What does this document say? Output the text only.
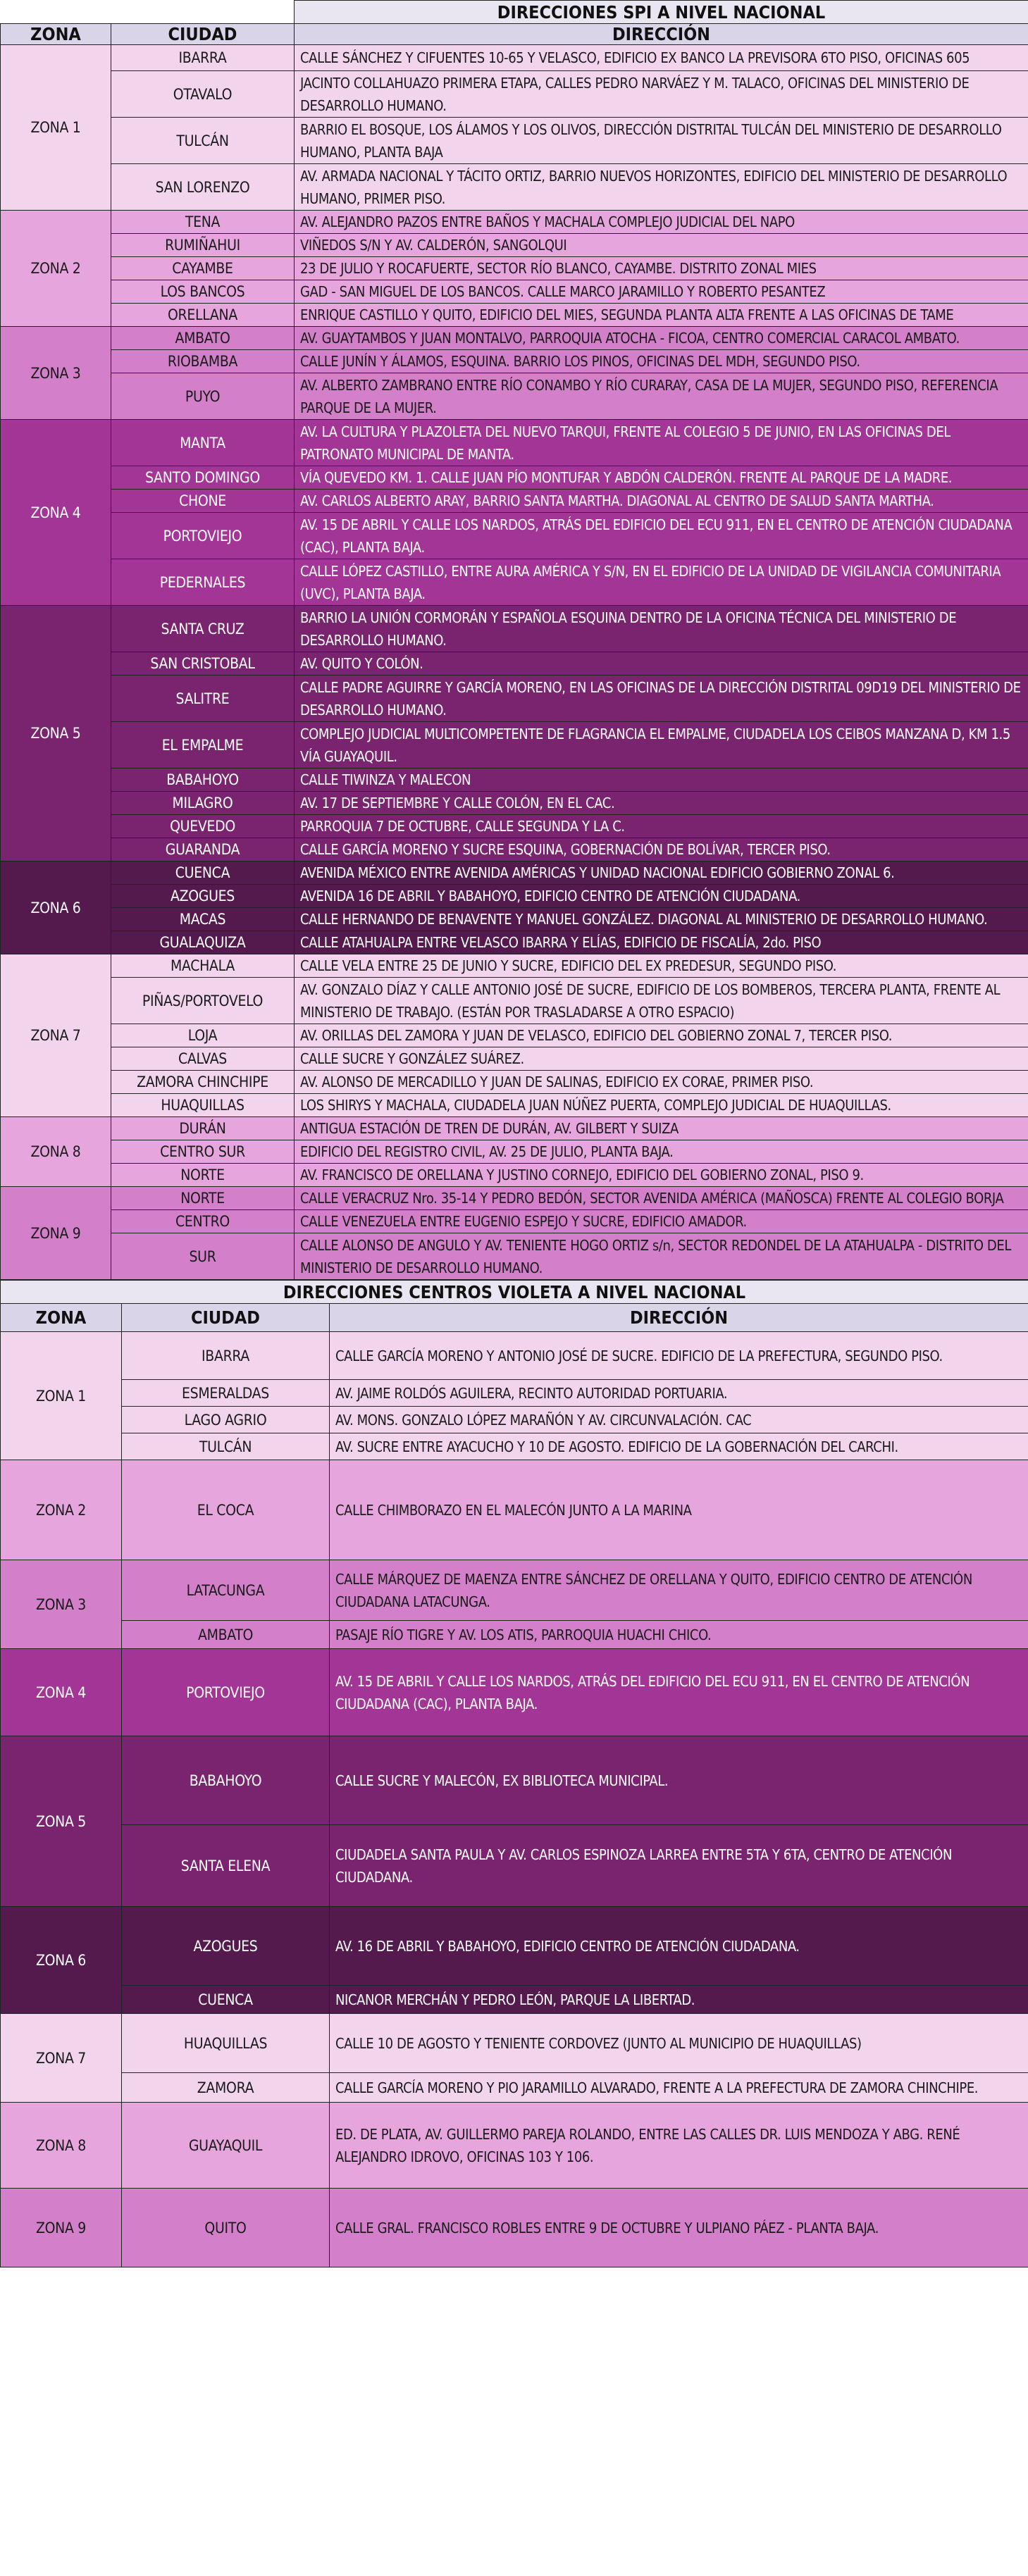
		DIRECCIONES SPI A NIVEL NACIONAL
ZONA	CIUDAD	DIRECCIÓN
ZONA 1	IBARRA	CALLE SÁNCHEZ Y CIFUENTES 10-65 Y VELASCO, EDIFICIO EX BANCO LA PREVISORA 6TO PISO, OFICINAS 605
	OTAVALO	JACINTO COLLAHUAZO PRIMERA ETAPA, CALLES PEDRO NARVÁEZ Y M. TALACO, OFICINAS DEL MINISTERIO DE DESARROLLO HUMANO.
	TULCÁN	BARRIO EL BOSQUE, LOS ÁLAMOS Y LOS OLIVOS, DIRECCIÓN DISTRITAL TULCÁN DEL MINISTERIO DE DESARROLLO HUMANO, PLANTA BAJA
	SAN LORENZO	AV. ARMADA NACIONAL Y TÁCITO ORTIZ, BARRIO NUEVOS HORIZONTES, EDIFICIO DEL MINISTERIO DE DESARROLLO HUMANO, PRIMER PISO.
ZONA 2	TENA	AV. ALEJANDRO PAZOS ENTRE BAÑOS Y MACHALA COMPLEJO JUDICIAL DEL NAPO
	RUMIÑAHUI	VIÑEDOS S/N Y AV. CALDERÓN, SANGOLQUI
	CAYAMBE	23 DE JULIO Y ROCAFUERTE, SECTOR RÍO BLANCO, CAYAMBE. DISTRITO ZONAL MIES
	LOS BANCOS	GAD - SAN MIGUEL DE LOS BANCOS. CALLE MARCO JARAMILLO Y ROBERTO PESANTEZ
	ORELLANA	ENRIQUE CASTILLO Y QUITO, EDIFICIO DEL MIES, SEGUNDA PLANTA ALTA FRENTE A LAS OFICINAS DE TAME
ZONA 3	AMBATO	AV. GUAYTAMBOS Y JUAN MONTALVO, PARROQUIA ATOCHA - FICOA, CENTRO COMERCIAL CARACOL AMBATO.
	RIOBAMBA	CALLE JUNÍN Y ÁLAMOS, ESQUINA. BARRIO LOS PINOS, OFICINAS DEL MDH, SEGUNDO PISO.
	PUYO	AV. ALBERTO ZAMBRANO ENTRE RÍO CONAMBO Y RÍO CURARAY, CASA DE LA MUJER, SEGUNDO PISO, REFERENCIA PARQUE DE LA MUJER.
ZONA 4	MANTA	AV. LA CULTURA Y PLAZOLETA DEL NUEVO TARQUI, FRENTE AL COLEGIO 5 DE JUNIO, EN LAS OFICINAS DEL PATRONATO MUNICIPAL DE MANTA.
	SANTO DOMINGO	VÍA QUEVEDO KM. 1. CALLE JUAN PÍO MONTUFAR Y ABDÓN CALDERÓN. FRENTE AL PARQUE DE LA MADRE.
	CHONE	AV. CARLOS ALBERTO ARAY, BARRIO SANTA MARTHA. DIAGONAL AL CENTRO DE SALUD SANTA MARTHA.
	PORTOVIEJO	AV. 15 DE ABRIL Y CALLE LOS NARDOS, ATRÁS DEL EDIFICIO DEL ECU 911, EN EL CENTRO DE ATENCIÓN CIUDADANA (CAC), PLANTA BAJA.
	PEDERNALES	CALLE LÓPEZ CASTILLO, ENTRE AURA AMÉRICA Y S/N, EN EL EDIFICIO DE LA UNIDAD DE VIGILANCIA COMUNITARIA (UVC), PLANTA BAJA.
ZONA 5	SANTA CRUZ	BARRIO LA UNIÓN CORMORÁN Y ESPAÑOLA ESQUINA DENTRO DE LA OFICINA TÉCNICA DEL MINISTERIO DE DESARROLLO HUMANO.
	SAN CRISTOBAL	AV. QUITO Y COLÓN.
	SALITRE	CALLE PADRE AGUIRRE Y GARCÍA MORENO, EN LAS OFICINAS DE LA DIRECCIÓN DISTRITAL 09D19 DEL MINISTERIO DE DESARROLLO HUMANO.
	EL EMPALME	COMPLEJO JUDICIAL MULTICOMPETENTE DE FLAGRANCIA EL EMPALME, CIUDADELA LOS CEIBOS MANZANA D, KM 1.5 VÍA GUAYAQUIL.
	BABAHOYO	CALLE TIWINZA Y MALECON
	MILAGRO	AV. 17 DE SEPTIEMBRE Y CALLE COLÓN, EN EL CAC.
	QUEVEDO	PARROQUIA 7 DE OCTUBRE, CALLE SEGUNDA Y LA C.
	GUARANDA	CALLE GARCÍA MORENO Y SUCRE ESQUINA, GOBERNACIÓN DE BOLÍVAR, TERCER PISO.
ZONA 6	CUENCA	AVENIDA MÉXICO ENTRE AVENIDA AMÉRICAS Y UNIDAD NACIONAL EDIFICIO GOBIERNO ZONAL 6.
	AZOGUES	AVENIDA 16 DE ABRIL Y BABAHOYO, EDIFICIO CENTRO DE ATENCIÓN CIUDADANA.
	MACAS	CALLE HERNANDO DE BENAVENTE Y MANUEL GONZÁLEZ. DIAGONAL AL MINISTERIO DE DESARROLLO HUMANO.
	GUALAQUIZA	CALLE ATAHUALPA ENTRE VELASCO IBARRA Y ELÍAS, EDIFICIO DE FISCALÍA, 2do. PISO
ZONA 7	MACHALA	CALLE VELA ENTRE 25 DE JUNIO Y SUCRE, EDIFICIO DEL EX PREDESUR, SEGUNDO PISO.
	PIÑAS/PORTOVELO	AV. GONZALO DÍAZ Y CALLE ANTONIO JOSÉ DE SUCRE, EDIFICIO DE LOS BOMBEROS, TERCERA PLANTA, FRENTE AL MINISTERIO DE TRABAJO. (ESTÁN POR TRASLADARSE A OTRO ESPACIO)
	LOJA	AV. ORILLAS DEL ZAMORA Y JUAN DE VELASCO, EDIFICIO DEL GOBIERNO ZONAL 7, TERCER PISO.
	CALVAS	CALLE SUCRE Y GONZÁLEZ SUÁREZ.
	ZAMORA CHINCHIPE	AV. ALONSO DE MERCADILLO Y JUAN DE SALINAS, EDIFICIO EX CORAE, PRIMER PISO.
	HUAQUILLAS	LOS SHIRYS Y MACHALA, CIUDADELA JUAN NÚÑEZ PUERTA, COMPLEJO JUDICIAL DE HUAQUILLAS.
ZONA 8	DURÁN	ANTIGUA ESTACIÓN DE TREN DE DURÁN, AV. GILBERT Y SUIZA
	CENTRO SUR	EDIFICIO DEL REGISTRO CIVIL, AV. 25 DE JULIO, PLANTA BAJA.
	NORTE	AV. FRANCISCO DE ORELLANA Y JUSTINO CORNEJO, EDIFICIO DEL GOBIERNO ZONAL, PISO 9.
ZONA 9	NORTE	CALLE VERACRUZ Nro. 35-14 Y PEDRO BEDÓN, SECTOR AVENIDA AMÉRICA (MAÑOSCA) FRENTE AL COLEGIO BORJA
	CENTRO	CALLE VENEZUELA ENTRE EUGENIO ESPEJO Y SUCRE, EDIFICIO AMADOR.
	SUR	CALLE ALONSO DE ANGULO Y AV. TENIENTE HOGO ORTIZ s/n, SECTOR REDONDEL DE LA ATAHUALPA - DISTRITO DEL MINISTERIO DE DESARROLLO HUMANO.
DIRECCIONES CENTROS VIOLETA A NIVEL NACIONAL		
ZONA	CIUDAD	DIRECCIÓN
ZONA 1	IBARRA	CALLE GARCÍA MORENO Y ANTONIO JOSÉ DE SUCRE. EDIFICIO DE LA PREFECTURA, SEGUNDO PISO.
	ESMERALDAS	AV. JAIME ROLDÓS AGUILERA, RECINTO AUTORIDAD PORTUARIA.
	LAGO AGRIO	AV. MONS. GONZALO LÓPEZ MARAÑÓN Y AV. CIRCUNVALACIÓN. CAC
	TULCÁN	AV. SUCRE ENTRE AYACUCHO Y 10 DE AGOSTO. EDIFICIO DE LA GOBERNACIÓN DEL CARCHI.
ZONA 2	EL COCA	CALLE CHIMBORAZO EN EL MALECÓN JUNTO A LA MARINA
ZONA 3	LATACUNGA	CALLE MÁRQUEZ DE MAENZA ENTRE SÁNCHEZ DE ORELLANA Y QUITO, EDIFICIO CENTRO DE ATENCIÓN CIUDADANA LATACUNGA.
	AMBATO	PASAJE RÍO TIGRE Y AV. LOS ATIS, PARROQUIA HUACHI CHICO.
ZONA 4	PORTOVIEJO	AV. 15 DE ABRIL Y CALLE LOS NARDOS, ATRÁS DEL EDIFICIO DEL ECU 911, EN EL CENTRO DE ATENCIÓN CIUDADANA (CAC), PLANTA BAJA.
ZONA 5	BABAHOYO	CALLE SUCRE Y MALECÓN, EX BIBLIOTECA MUNICIPAL.
	SANTA ELENA	CIUDADELA SANTA PAULA Y AV. CARLOS ESPINOZA LARREA ENTRE 5TA Y 6TA, CENTRO DE ATENCIÓN CIUDADANA.
ZONA 6	AZOGUES	AV. 16 DE ABRIL Y BABAHOYO, EDIFICIO CENTRO DE ATENCIÓN CIUDADANA.
	CUENCA	NICANOR MERCHÁN Y PEDRO LEÓN, PARQUE LA LIBERTAD.
ZONA 7	HUAQUILLAS	CALLE 10 DE AGOSTO Y TENIENTE CORDOVEZ (JUNTO AL MUNICIPIO DE HUAQUILLAS)
	ZAMORA	CALLE GARCÍA MORENO Y PIO JARAMILLO ALVARADO, FRENTE A LA PREFECTURA DE ZAMORA CHINCHIPE.
ZONA 8	GUAYAQUIL	ED. DE PLATA, AV. GUILLERMO PAREJA ROLANDO, ENTRE LAS CALLES DR. LUIS MENDOZA Y ABG. RENÉ ALEJANDRO IDROVO, OFICINAS 103 Y 106.
ZONA 9	QUITO	CALLE GRAL. FRANCISCO ROBLES ENTRE 9 DE OCTUBRE Y ULPIANO PÁEZ - PLANTA BAJA.
